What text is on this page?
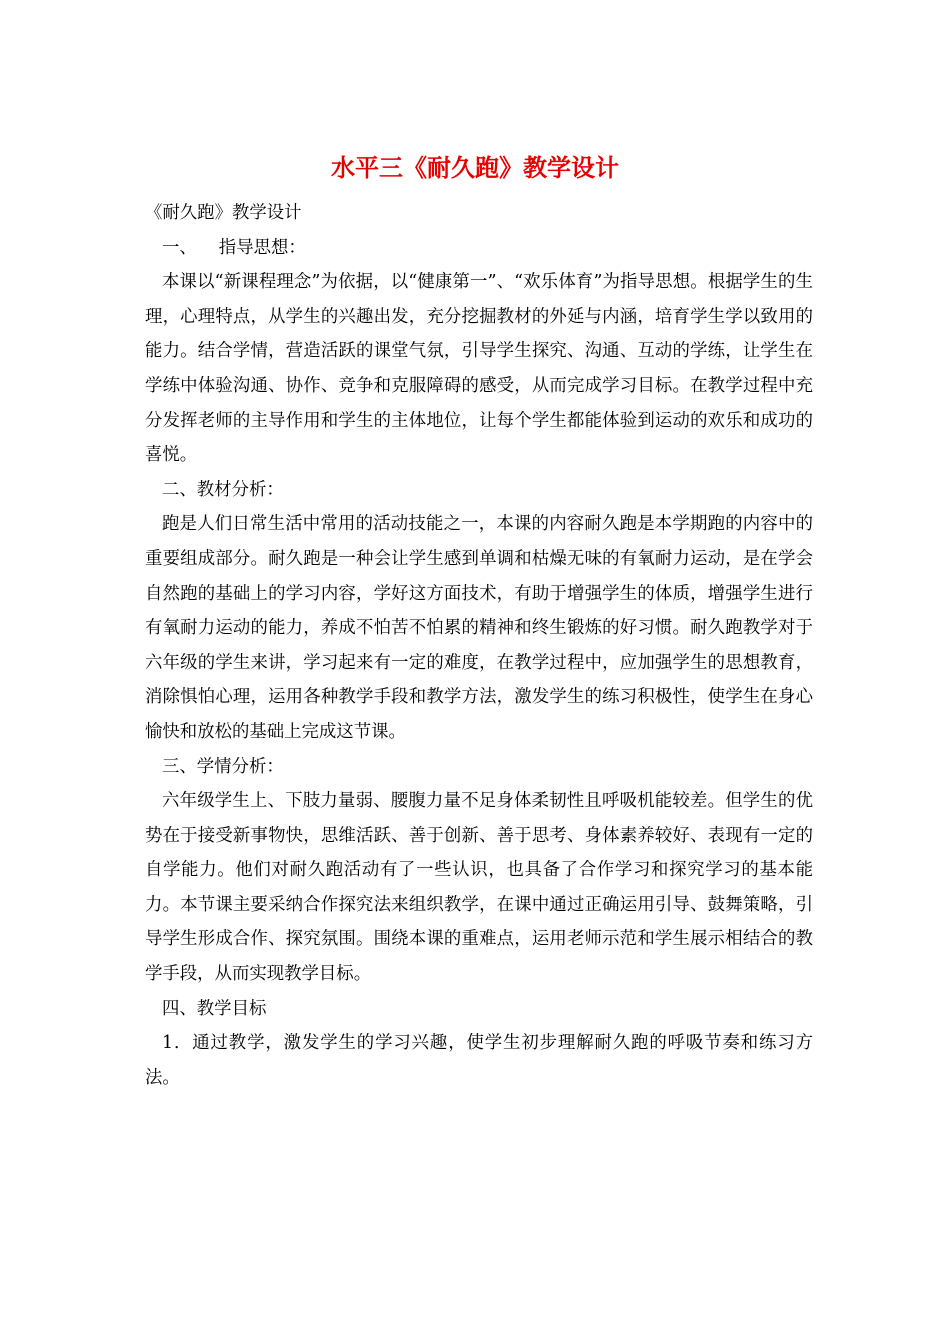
水平三《耐久跑》教学设计

《耐久跑》教学设计

一、 指导思想：

本课以“新课程理念”为依据，以“健康第一”、“欢乐体育”为指导思想。根据学生的生理，心理特点，从学生的兴趣出发，充分挖掘教材的外延与内涵，培育学生学以致用的能力。结合学情，营造活跃的课堂气氛，引导学生探究、沟通、互动的学练，让学生在学练中体验沟通、协作、竞争和克服障碍的感受，从而完成学习目标。在教学过程中充分发挥老师的主导作用和学生的主体地位，让每个学生都能体验到运动的欢乐和成功的喜悦。

二、教材分析：

跑是人们日常生活中常用的活动技能之一，本课的内容耐久跑是本学期跑的内容中的重要组成部分。耐久跑是一种会让学生感到单调和枯燥无味的有氧耐力运动，是在学会自然跑的基础上的学习内容，学好这方面技术，有助于增强学生的体质，增强学生进行有氧耐力运动的能力，养成不怕苦不怕累的精神和终生锻炼的好习惯。耐久跑教学对于六年级的学生来讲，学习起来有一定的难度，在教学过程中，应加强学生的思想教育，消除惧怕心理，运用各种教学手段和教学方法，激发学生的练习积极性，使学生在身心愉快和放松的基础上完成这节课。

三、学情分析：

六年级学生上、下肢力量弱、腰腹力量不足身体柔韧性且呼吸机能较差。但学生的优势在于接受新事物快，思维活跃、善于创新、善于思考、身体素养较好、表现有一定的自学能力。他们对耐久跑活动有了一些认识，也具备了合作学习和探究学习的基本能力。本节课主要采纳合作探究法来组织教学，在课中通过正确运用引导、鼓舞策略，引导学生形成合作、探究氛围。围绕本课的重难点，运用老师示范和学生展示相结合的教学手段，从而实现教学目标。

四、教学目标

1．通过教学，激发学生的学习兴趣，使学生初步理解耐久跑的呼吸节奏和练习方法。
